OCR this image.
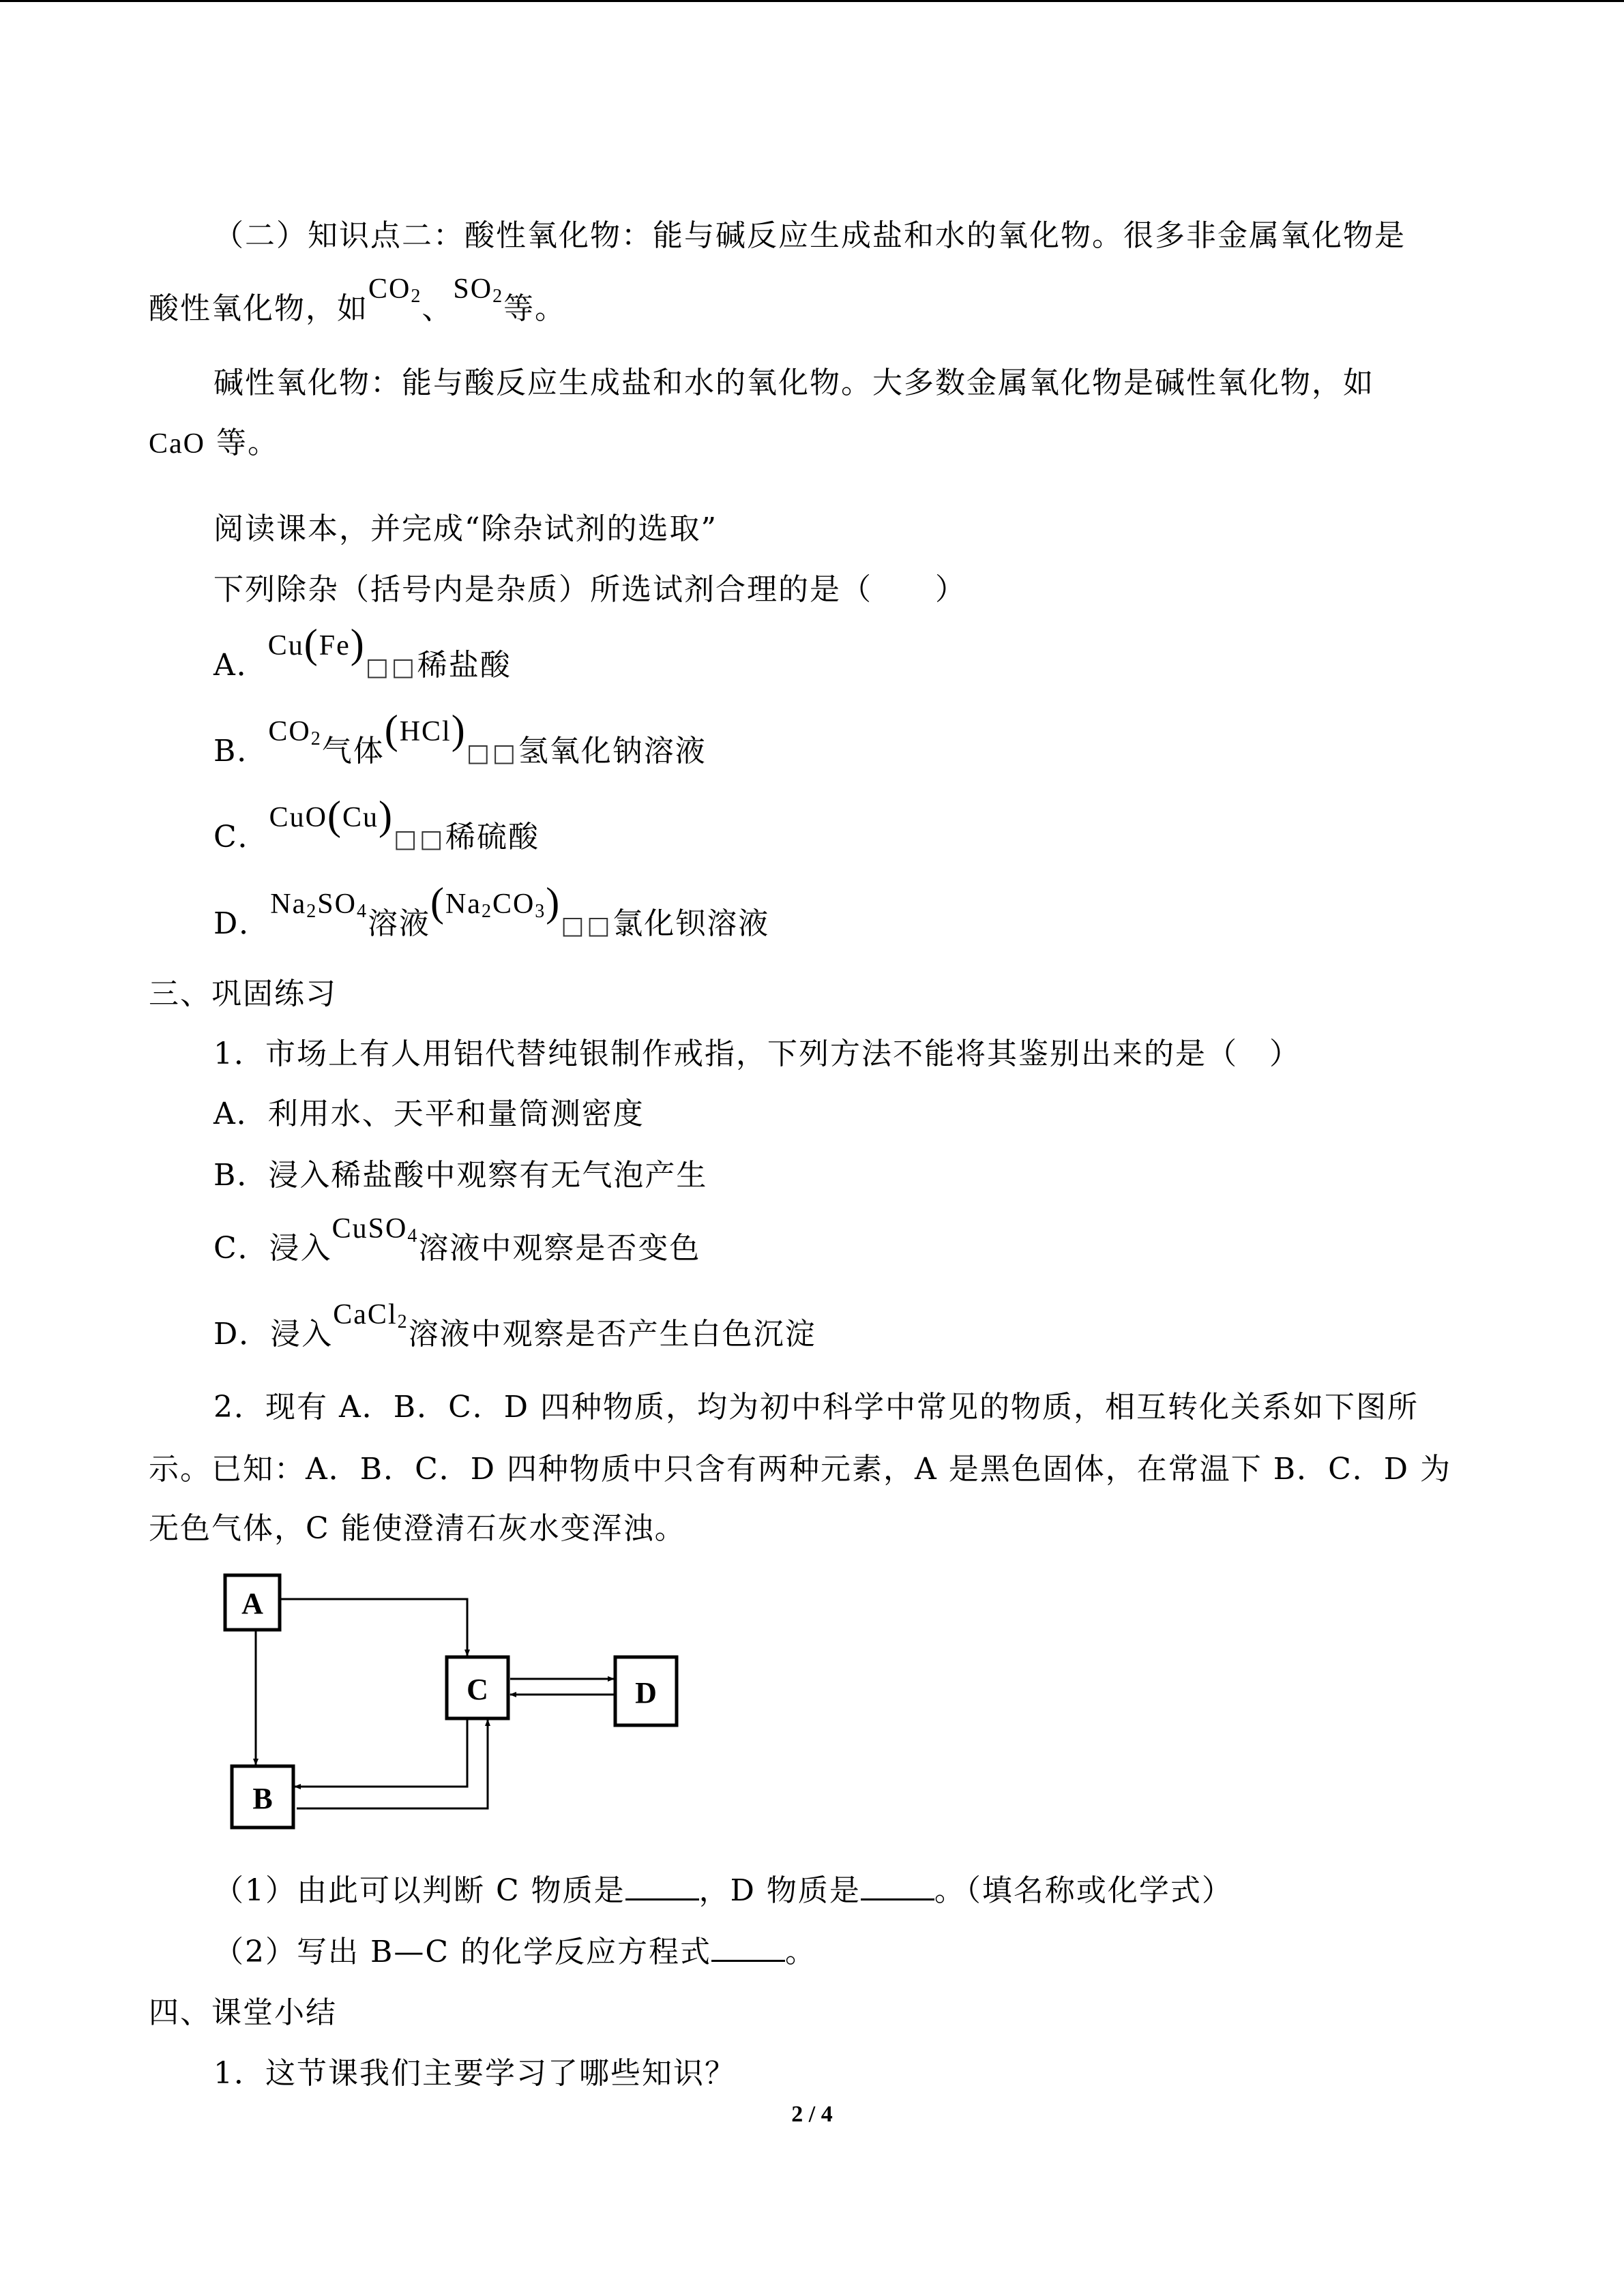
（二）知识点二：酸性氧化物：能与碱反应生成盐和水的氧化物。很多非金属氧化物是
酸性氧化物，如$CO_2$、$SO_2$等。
碱性氧化物：能与酸反应生成盐和水的氧化物。大多数金属氧化物是碱性氧化物，如
CaO 等。
阅读课本，并完成“除杂试剂的选取”
下列除杂（括号内是杂质）所选试剂合理的是（　　）
A．Cu(Fe)□□稀盐酸
B．$CO_2$气体(HCl)□□氢氧化钠溶液
C．CuO(Cu)□□稀硫酸
D．$Na_2SO_4$溶液$(Na_2CO_3)□□$氯化钡溶液
三、巩固练习
1．市场上有人用铝代替纯银制作戒指，下列方法不能将其鉴别出来的是（　）
A．利用水、天平和量筒测密度
B．浸入稀盐酸中观察有无气泡产生
C．浸入CuSO$_4$溶液中观察是否变色
D．浸入CaCl$_2$溶液中观察是否产生白色沉淀
2．现有 A．B．C．D 四种物质，均为初中科学中常见的物质，相互转化关系如下图所
示。已知：A．B．C．D 四种物质中只含有两种元素，A 是黑色固体，在常温下 B．C．D 为
无色气体，C 能使澄清石灰水变浑浊。
A
B
C	D
（1）由此可以判断 C 物质是 ，D 物质是 。（填名称或化学式）
（2）写出 B—C 的化学反应方程式 。
四、课堂小结
1．这节课我们主要学习了哪些知识？
2 / 4
